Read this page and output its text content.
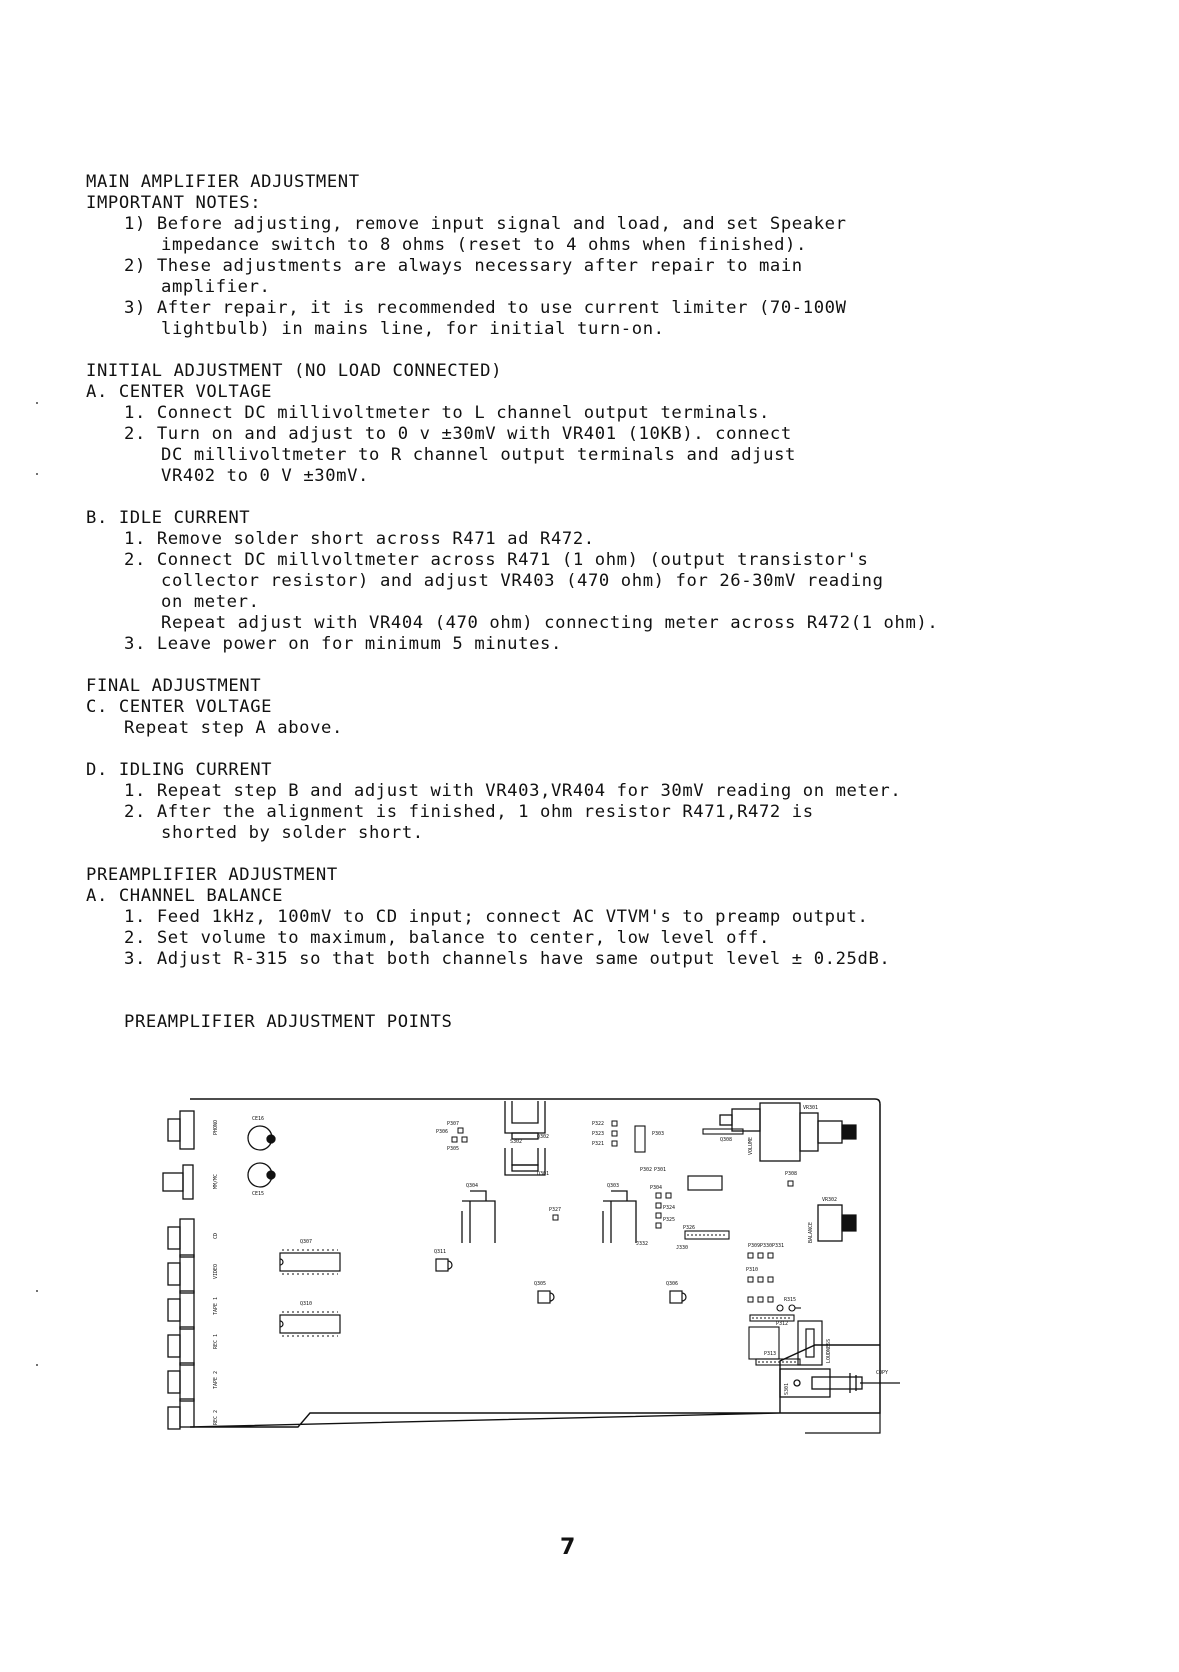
MAIN AMPLIFIER ADJUSTMENT
IMPORTANT NOTES:
1) Before adjusting, remove input signal and load, and set Speaker
impedance switch to 8 ohms (reset to 4 ohms when finished).
2) These adjustments are always necessary after repair to main
amplifier.
3) After repair, it is recommended to use current limiter (70-100W
lightbulb) in mains line, for initial turn-on.
INITIAL ADJUSTMENT (NO LOAD CONNECTED)
A. CENTER VOLTAGE
1. Connect DC millivoltmeter to L channel output terminals.
2. Turn on and adjust to 0 v ±30mV with VR401 (10KB). connect
DC millivoltmeter to R channel output terminals and adjust
VR402 to 0 V ±30mV.
B. IDLE CURRENT
1. Remove solder short across R471 ad R472.
2. Connect DC millvoltmeter across R471 (1 ohm) (output transistor's
collector resistor) and adjust VR403 (470 ohm) for 26-30mV reading
on meter.
Repeat adjust with VR404 (470 ohm) connecting meter across R472(1 ohm).
3. Leave power on for minimum 5 minutes.
FINAL ADJUSTMENT
C. CENTER VOLTAGE
Repeat step A above.
D. IDLING CURRENT
1. Repeat step B and adjust with VR403,VR404 for 30mV reading on meter.
2. After the alignment is finished, 1 ohm resistor R471,R472 is
shorted by solder short.
PREAMPLIFIER ADJUSTMENT
A. CHANNEL BALANCE
1. Feed 1kHz, 100mV to CD input; connect AC VTVM's to preamp output.
2. Set volume to maximum, balance to center, low level off.
3. Adjust R-315 so that both channels have same output level ± 0.25dB.
PREAMPLIFIER ADJUSTMENT POINTS
PHONO
MM/MC
CD
VIDEO
TAPE 1
REC 1
TAPE 2
REC 2
CE16
CE15
Q307
Q310
Q302
Q301
Q304	Q303
Q311
Q305	Q306
P307
P306
P305
P327
P322
P323
P321
P302 P301
P303
P304
P324
P325
P326
P308
P309 P330 P331
P310
J332
J330
R315
LOUDNESS
VR301
VOLUME
VR302
BALANCE
COPY
S301
S302	Q308
P312
P313
7
